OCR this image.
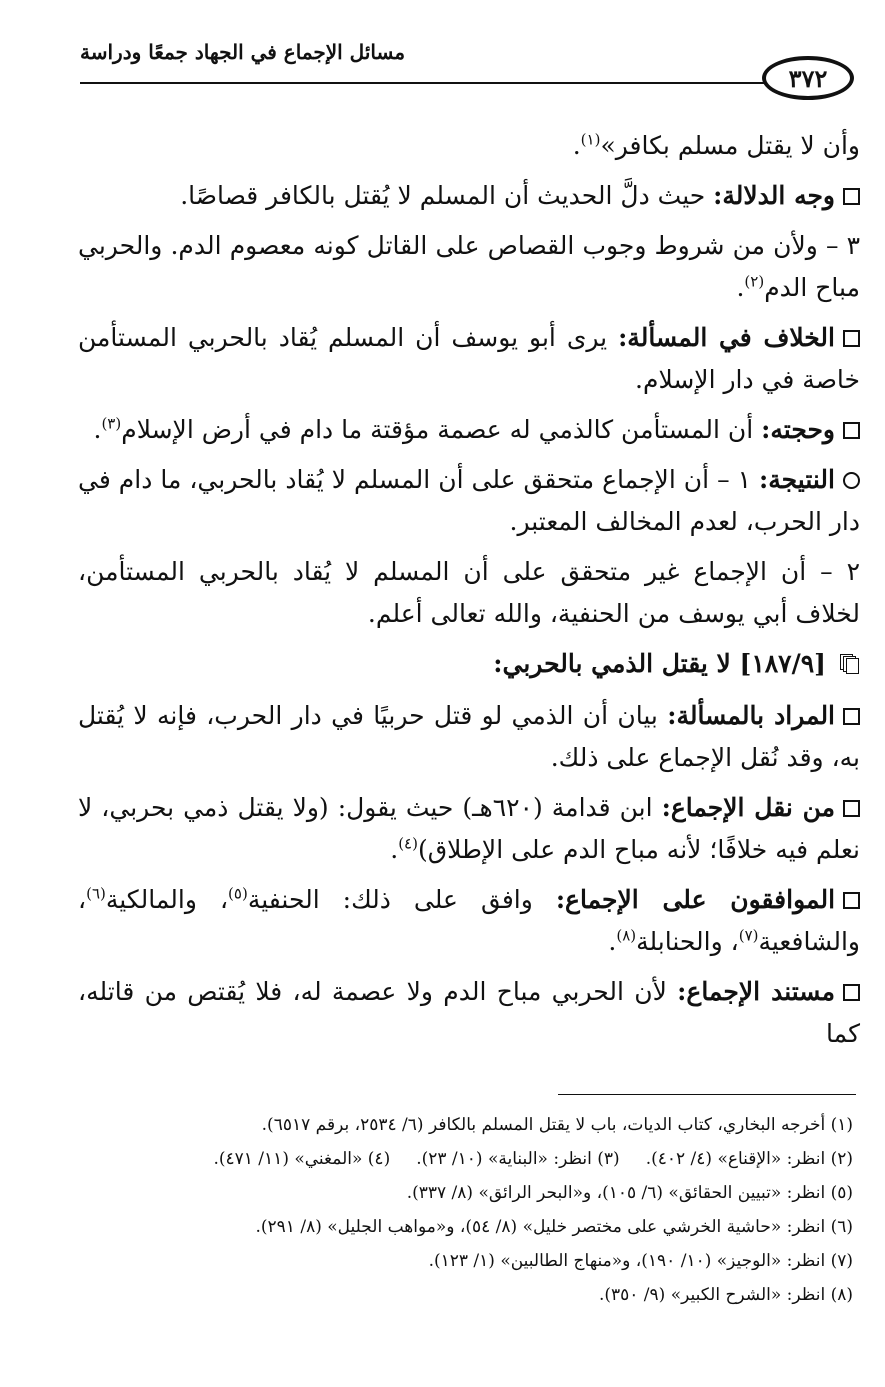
مسائل الإجماع في الجهاد جمعًا ودراسة
٣٧٢

وأن لا يقتل مسلم بكافر»$^{(١)}$.

وجه الدلالة: حيث دلَّ الحديث أن المسلم لا يُقتل بالكافر قصاصًا.

٣ – ولأن من شروط وجوب القصاص على القاتل كونه معصوم الدم. والحربي مباح الدم$^{(٢)}$.

الخلاف في المسألة: يرى أبو يوسف أن المسلم يُقاد بالحربي المستأمن خاصة في دار الإسلام.

وحجته: أن المستأمن كالذمي له عصمة مؤقتة ما دام في أرض الإسلام$^{(٣)}$.

النتيجة: ١ – أن الإجماع متحقق على أن المسلم لا يُقاد بالحربي، ما دام في دار الحرب، لعدم المخالف المعتبر.

٢ – أن الإجماع غير متحقق على أن المسلم لا يُقاد بالحربي المستأمن، لخلاف أبي يوسف من الحنفية، والله تعالى أعلم.

[١٨٧/٩] لا يقتل الذمي بالحربي:

المراد بالمسألة: بيان أن الذمي لو قتل حربيًا في دار الحرب، فإنه لا يُقتل به، وقد نُقل الإجماع على ذلك.

من نقل الإجماع: ابن قدامة (٦٢٠هـ) حيث يقول: (ولا يقتل ذمي بحربي، لا نعلم فيه خلافًا؛ لأنه مباح الدم على الإطلاق)$^{(٤)}$.

الموافقون على الإجماع: وافق على ذلك: الحنفية$^{(٥)}$، والمالكية$^{(٦)}$، والشافعية$^{(٧)}$، والحنابلة$^{(٨)}$.

مستند الإجماع: لأن الحربي مباح الدم ولا عصمة له، فلا يُقتص من قاتله، كما

(١) أخرجه البخاري، كتاب الديات، باب لا يقتل المسلم بالكافر (٦/ ٢٥٣٤، برقم ٦٥١٧).
(٢) انظر: «الإقناع» (٤/ ٤٠٢).(٣) انظر: «البناية» (١٠/ ٢٣).(٤) «المغني» (١١/ ٤٧١).
(٥) انظر: «تبيين الحقائق» (٦/ ١٠٥)، و«البحر الرائق» (٨/ ٣٣٧).
(٦) انظر: «حاشية الخرشي على مختصر خليل» (٨/ ٥٤)، و«مواهب الجليل» (٨/ ٢٩١).
(٧) انظر: «الوجيز» (١٠/ ١٩٠)، و«منهاج الطالبين» (١/ ١٢٣).
(٨) انظر: «الشرح الكبير» (٩/ ٣٥٠).
